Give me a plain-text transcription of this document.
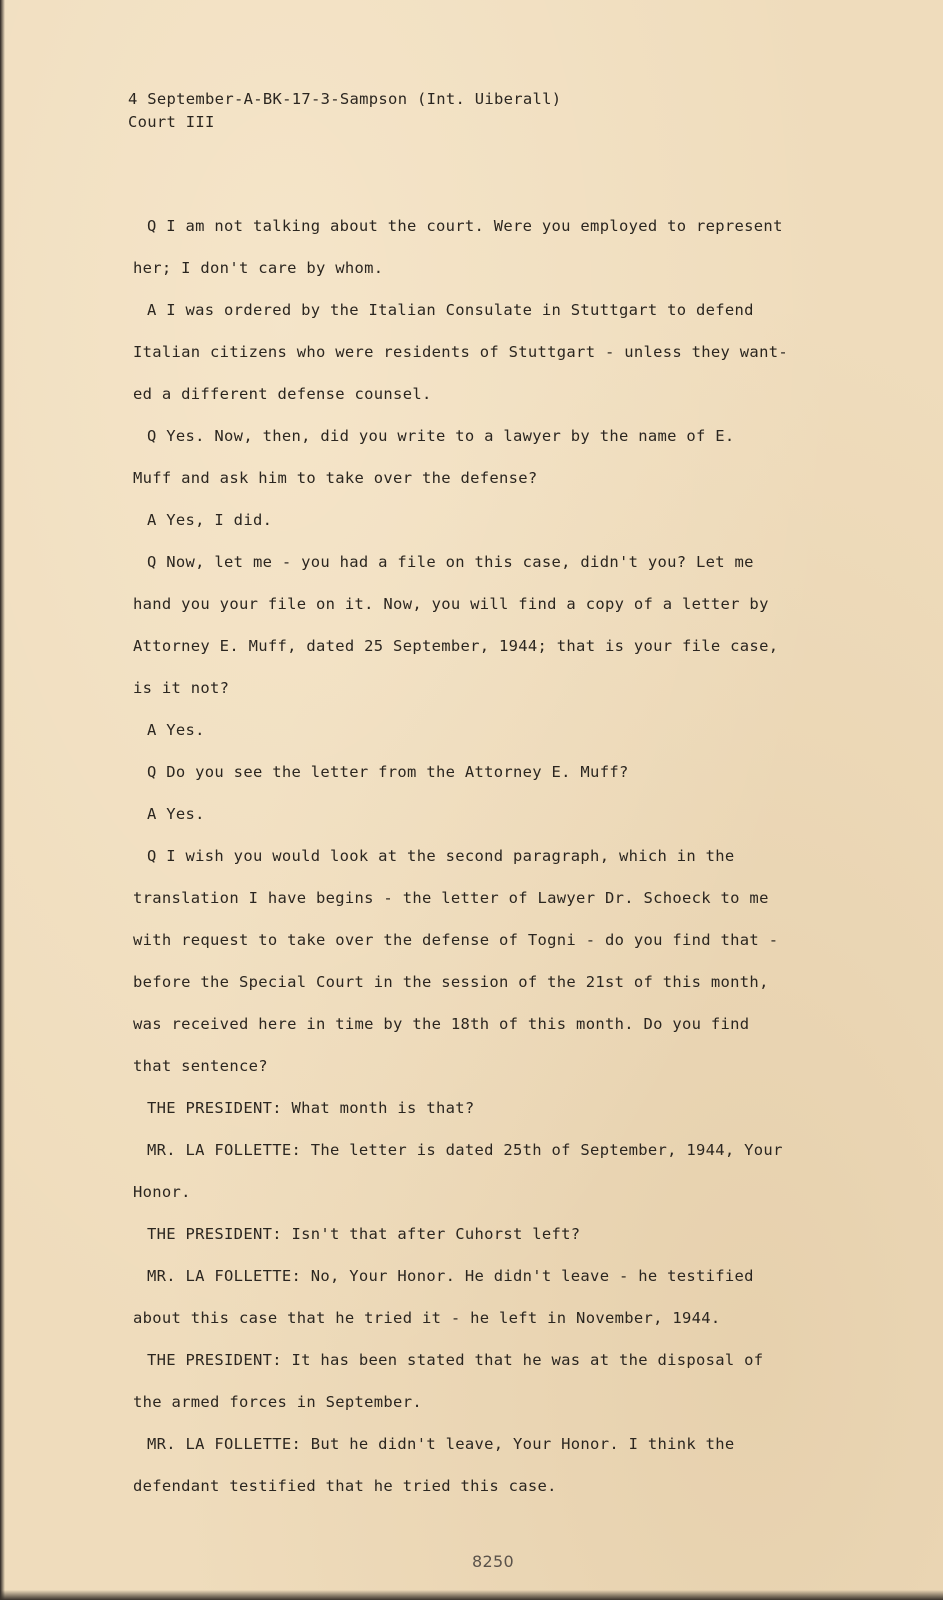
4 September-A-BK-17-3-Sampson (Int. Uiberall)
Court III
Q I am not talking about the court. Were you employed to represent
her; I don't care by whom.
A I was ordered by the Italian Consulate in Stuttgart to defend
Italian citizens who were residents of Stuttgart - unless they want-
ed a different defense counsel.
Q Yes. Now, then, did you write to a lawyer by the name of E.
Muff and ask him to take over the defense?
A Yes, I did.
Q Now, let me - you had a file on this case, didn't you? Let me
hand you your file on it. Now, you will find a copy of a letter by
Attorney E. Muff, dated 25 September, 1944; that is your file case,
is it not?
A Yes.
Q Do you see the letter from the Attorney E. Muff?
A Yes.
Q I wish you would look at the second paragraph, which in the
translation I have begins - the letter of Lawyer Dr. Schoeck to me
with request to take over the defense of Togni - do you find that -
before the Special Court in the session of the 21st of this month,
was received here in time by the 18th of this month. Do you find
that sentence?
THE PRESIDENT: What month is that?
MR. LA FOLLETTE: The letter is dated 25th of September, 1944, Your
Honor.
THE PRESIDENT: Isn't that after Cuhorst left?
MR. LA FOLLETTE: No, Your Honor. He didn't leave - he testified
about this case that he tried it - he left in November, 1944.
THE PRESIDENT: It has been stated that he was at the disposal of
the armed forces in September.
MR. LA FOLLETTE: But he didn't leave, Your Honor. I think the
defendant testified that he tried this case.
8250
